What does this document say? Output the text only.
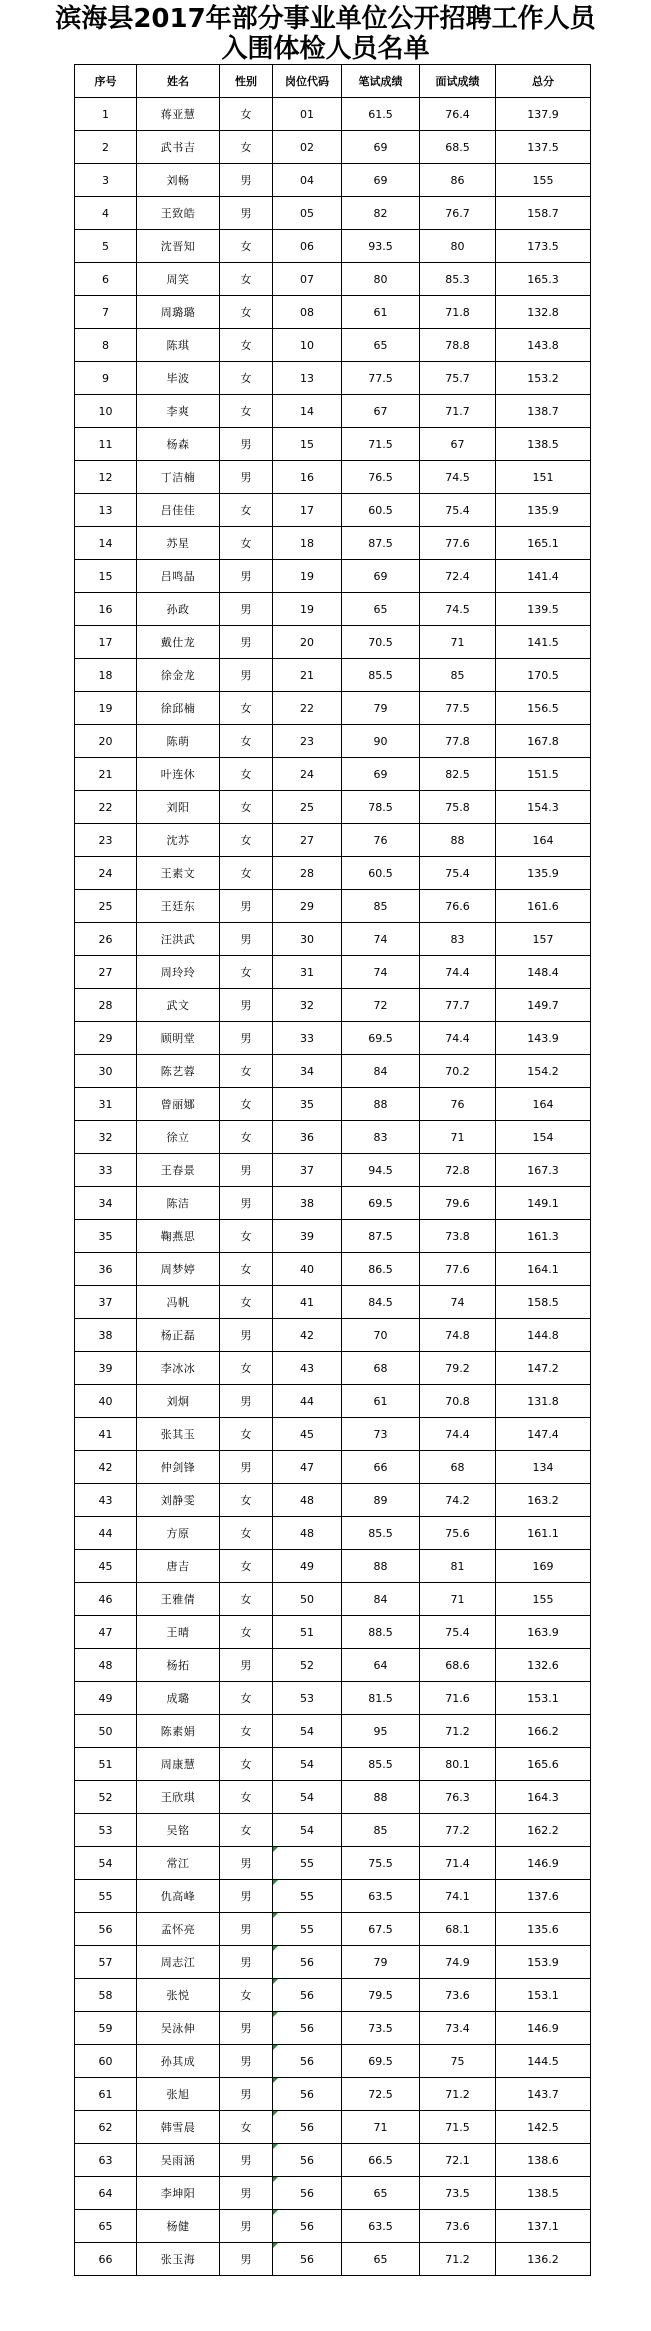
滨海县2017年部分事业单位公开招聘工作人员
入围体检人员名单
序号	姓名	性别	岗位代码	笔试成绩	面试成绩	总分
1	蒋亚慧	女	01	61.5	76.4	137.9
2	武书吉	女	02	69	68.5	137.5
3	刘畅	男	04	69	86	155
4	王致皓	男	05	82	76.7	158.7
5	沈晋知	女	06	93.5	80	173.5
6	周笑	女	07	80	85.3	165.3
7	周璐璐	女	08	61	71.8	132.8
8	陈琪	女	10	65	78.8	143.8
9	毕波	女	13	77.5	75.7	153.2
10	李爽	女	14	67	71.7	138.7
11	杨森	男	15	71.5	67	138.5
12	丁洁楠	男	16	76.5	74.5	151
13	吕佳佳	女	17	60.5	75.4	135.9
14	苏星	女	18	87.5	77.6	165.1
15	吕鸣晶	男	19	69	72.4	141.4
16	孙政	男	19	65	74.5	139.5
17	戴仕龙	男	20	70.5	71	141.5
18	徐金龙	男	21	85.5	85	170.5
19	徐邱楠	女	22	79	77.5	156.5
20	陈萌	女	23	90	77.8	167.8
21	叶连休	女	24	69	82.5	151.5
22	刘阳	女	25	78.5	75.8	154.3
23	沈苏	女	27	76	88	164
24	王素文	女	28	60.5	75.4	135.9
25	王廷东	男	29	85	76.6	161.6
26	汪洪武	男	30	74	83	157
27	周玲玲	女	31	74	74.4	148.4
28	武文	男	32	72	77.7	149.7
29	顾明堂	男	33	69.5	74.4	143.9
30	陈艺蓉	女	34	84	70.2	154.2
31	曾丽娜	女	35	88	76	164
32	徐立	女	36	83	71	154
33	王春景	男	37	94.5	72.8	167.3
34	陈洁	男	38	69.5	79.6	149.1
35	鞠燕思	女	39	87.5	73.8	161.3
36	周梦婷	女	40	86.5	77.6	164.1
37	冯帆	女	41	84.5	74	158.5
38	杨正磊	男	42	70	74.8	144.8
39	李冰冰	女	43	68	79.2	147.2
40	刘炯	男	44	61	70.8	131.8
41	张其玉	女	45	73	74.4	147.4
42	仲剑锋	男	47	66	68	134
43	刘静雯	女	48	89	74.2	163.2
44	方原	女	48	85.5	75.6	161.1
45	唐吉	女	49	88	81	169
46	王雅倩	女	50	84	71	155
47	王晴	女	51	88.5	75.4	163.9
48	杨拓	男	52	64	68.6	132.6
49	成璐	女	53	81.5	71.6	153.1
50	陈素娟	女	54	95	71.2	166.2
51	周康慧	女	54	85.5	80.1	165.6
52	王欣琪	女	54	88	76.3	164.3
53	吴铭	女	54	85	77.2	162.2
54	常江	男	55	75.5	71.4	146.9
55	仇高峰	男	55	63.5	74.1	137.6
56	孟怀亮	男	55	67.5	68.1	135.6
57	周志江	男	56	79	74.9	153.9
58	张悦	女	56	79.5	73.6	153.1
59	吴泳伸	男	56	73.5	73.4	146.9
60	孙其成	男	56	69.5	75	144.5
61	张旭	男	56	72.5	71.2	143.7
62	韩雪晨	女	56	71	71.5	142.5
63	吴雨涵	男	56	66.5	72.1	138.6
64	李坤阳	男	56	65	73.5	138.5
65	杨健	男	56	63.5	73.6	137.1
66	张玉海	男	56	65	71.2	136.2
